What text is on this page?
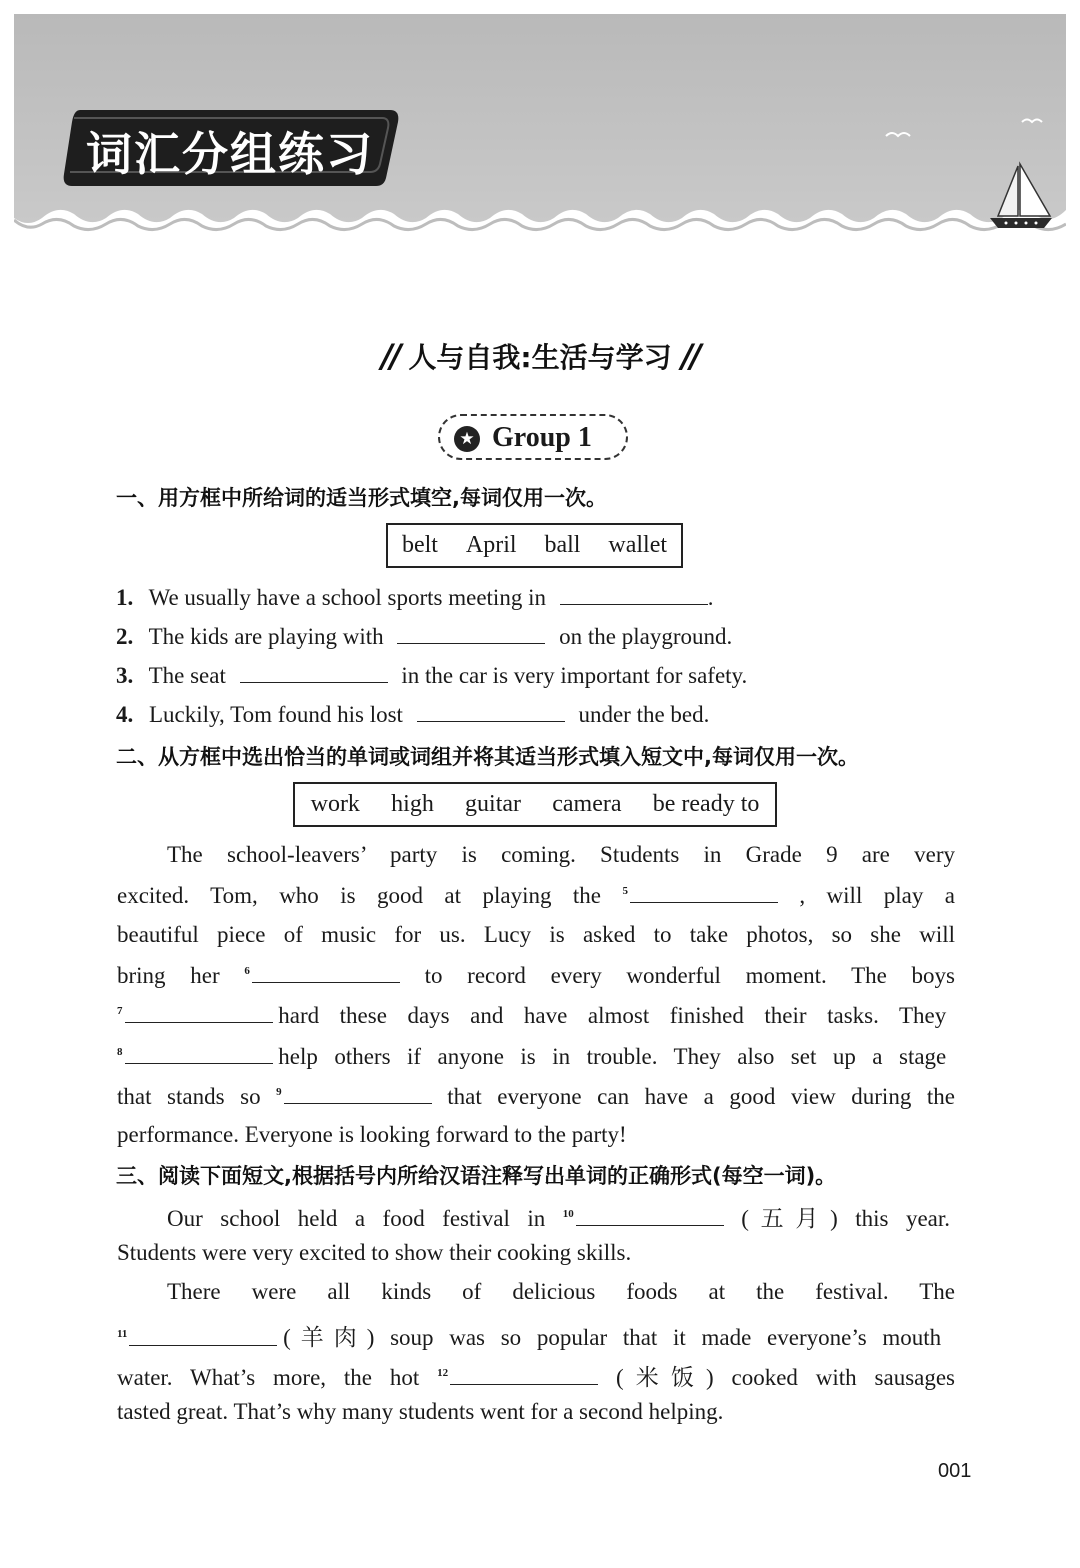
词汇分组练习
// 人与自我:生活与学习 //
★ Group 1
一、用方框中所给词的适当形式填空,每词仅用一次。
belt April ball wallet
1. We usually have a school sports meeting in	.
2. The kids are playing with	on the playground.
3. The seat	in the car is very important for safety.
4. Luckily, Tom found his lost	under the bed.
二、从方框中选出恰当的单词或词组并将其适当形式填入短文中,每词仅用一次。
work high guitar camera be ready to
The school-leavers’ party is coming. Students in Grade 9 are very
excited. Tom, who is good at playing the $^5$	, will play a
beautiful piece of music for us. Lucy is asked to take photos, so she will
bring her $^6$	to record every wonderful moment. The boys
$^7$	hard these days and have almost finished their tasks. They
$^8$	help others if anyone is in trouble. They also set up a stage
that stands so $^9$	that everyone can have a good view during the
performance. Everyone is looking forward to the party!
三、阅读下面短文,根据括号内所给汉语注释写出单词的正确形式(每空一词)。
Our school held a food festival in $^{10}$	(五月) this year.
Students were very excited to show their cooking skills.
There were all kinds of delicious foods at the festival. The
$^{11}$	(羊肉) soup was so popular that it made everyone’s mouth
water. What’s more, the hot $^{12}$	(米饭) cooked with sausages
tasted great. That’s why many students went for a second helping.
001
